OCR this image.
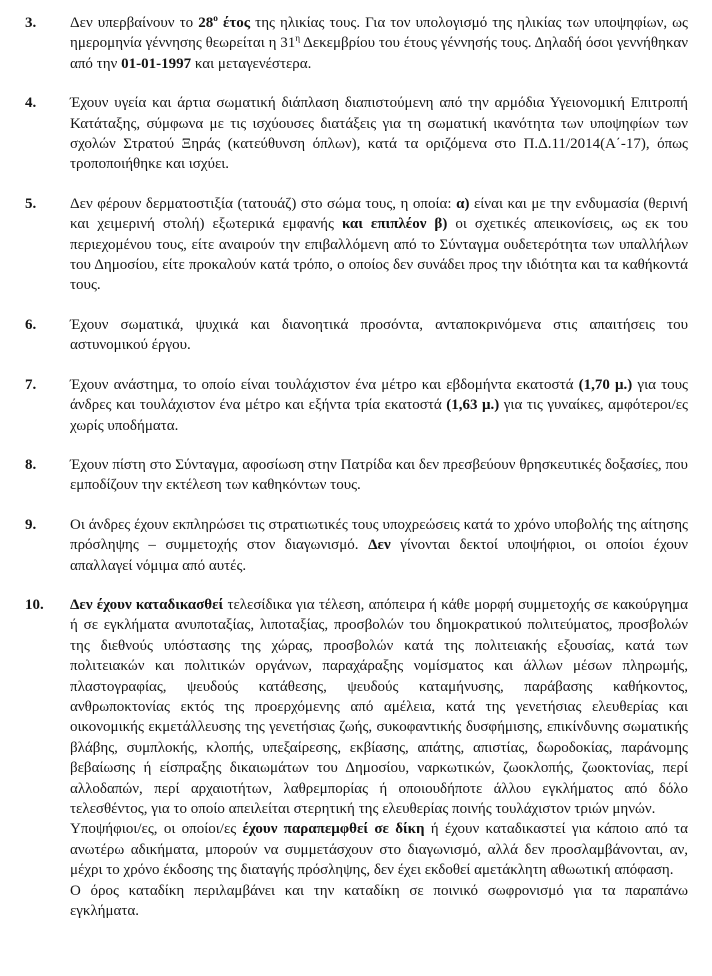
3.	Δεν υπερβαίνουν το $28^o$ έτος της ηλικίας τους. Για τον υπολογισμό της ηλικίας των υποψηφίων, ως ημερομηνία γέννησης θεωρείται η $31^\eta$ Δεκεμβρίου του έτους γέννησής τους. Δηλαδή όσοι γεννήθηκαν από την 01-01-1997 και μεταγενέστερα.

4.	Έχουν υγεία και άρτια σωματική διάπλαση διαπιστούμενη από την αρμόδια Υγειονομική Επιτροπή Κατάταξης, σύμφωνα με τις ισχύουσες διατάξεις για τη σωματική ικανότητα των υποψηφίων των σχολών Στρατού Ξηράς (κατεύθυνση όπλων), κατά τα οριζόμενα στο Π.Δ.11/2014(Α΄-17), όπως τροποποιήθηκε και ισχύει.

5.	Δεν φέρουν δερματοστιξία (τατουάζ) στο σώμα τους, η οποία: α) είναι και με την ενδυμασία (θερινή και χειμερινή στολή) εξωτερικά εμφανής και επιπλέον β) οι σχετικές απεικονίσεις, ως εκ του περιεχομένου τους, είτε αναιρούν την επιβαλλόμενη από το Σύνταγμα ουδετερότητα των υπαλλήλων του Δημοσίου, είτε προκαλούν κατά τρόπο, ο οποίος δεν συνάδει προς την ιδιότητα και τα καθήκοντά τους.

6.	Έχουν σωματικά, ψυχικά και διανοητικά προσόντα, ανταποκρινόμενα στις απαιτήσεις του αστυνομικού έργου.

7.	Έχουν ανάστημα, το οποίο είναι τουλάχιστον ένα μέτρο και εβδομήντα εκατοστά (1,70 μ.) για τους άνδρες και τουλάχιστον ένα μέτρο και εξήντα τρία εκατοστά (1,63 μ.) για τις γυναίκες, αμφότεροι/ες χωρίς υποδήματα.

8.	Έχουν πίστη στο Σύνταγμα, αφοσίωση στην Πατρίδα και δεν πρεσβεύουν θρησκευτικές δοξασίες, που εμποδίζουν την εκτέλεση των καθηκόντων τους.

9.	Οι άνδρες έχουν εκπληρώσει τις στρατιωτικές τους υποχρεώσεις κατά το χρόνο υποβολής της αίτησης πρόσληψης – συμμετοχής στον διαγωνισμό. Δεν γίνονται δεκτοί υποψήφιοι, οι οποίοι έχουν απαλλαγεί νόμιμα από αυτές.

10.	Δεν έχουν καταδικασθεί τελεσίδικα για τέλεση, απόπειρα ή κάθε μορφή συμμετοχής σε κακούργημα ή σε εγκλήματα ανυποταξίας, λιποταξίας, προσβολών του δημοκρατικού πολιτεύματος, προσβολών της διεθνούς υπόστασης της χώρας, προσβολών κατά της πολιτειακής εξουσίας, κατά των πολιτειακών και πολιτικών οργάνων, παραχάραξης νομίσματος και άλλων μέσων πληρωμής, πλαστογραφίας, ψευδούς κατάθεσης, ψευδούς καταμήνυσης, παράβασης καθήκοντος, ανθρωποκτονίας εκτός της προερχόμενης από αμέλεια, κατά της γενετήσιας ελευθερίας και οικονομικής εκμετάλλευσης της γενετήσιας ζωής, συκοφαντικής δυσφήμισης, επικίνδυνης σωματικής βλάβης, συμπλοκής, κλοπής, υπεξαίρεσης, εκβίασης, απάτης, απιστίας, δωροδοκίας, παράνομης βεβαίωσης ή είσπραξης δικαιωμάτων του Δημοσίου, ναρκωτικών, ζωοκλοπής, ζωοκτονίας, περί αλλοδαπών, περί αρχαιοτήτων, λαθρεμπορίας ή οποιουδήποτε άλλου εγκλήματος από δόλο τελεσθέντος, για το οποίο απειλείται στερητική της ελευθερίας ποινής τουλάχιστον τριών μηνών.

Υποψήφιοι/ες, οι οποίοι/ες έχουν παραπεμφθεί σε δίκη ή έχουν καταδικαστεί για κάποιο από τα ανωτέρω αδικήματα, μπορούν να συμμετάσχουν στο διαγωνισμό, αλλά δεν προσλαμβάνονται, αν, μέχρι το χρόνο έκδοσης της διαταγής πρόσληψης, δεν έχει εκδοθεί αμετάκλητη αθωωτική απόφαση.

Ο όρος καταδίκη περιλαμβάνει και την καταδίκη σε ποινικό σωφρονισμό για τα παραπάνω εγκλήματα.
